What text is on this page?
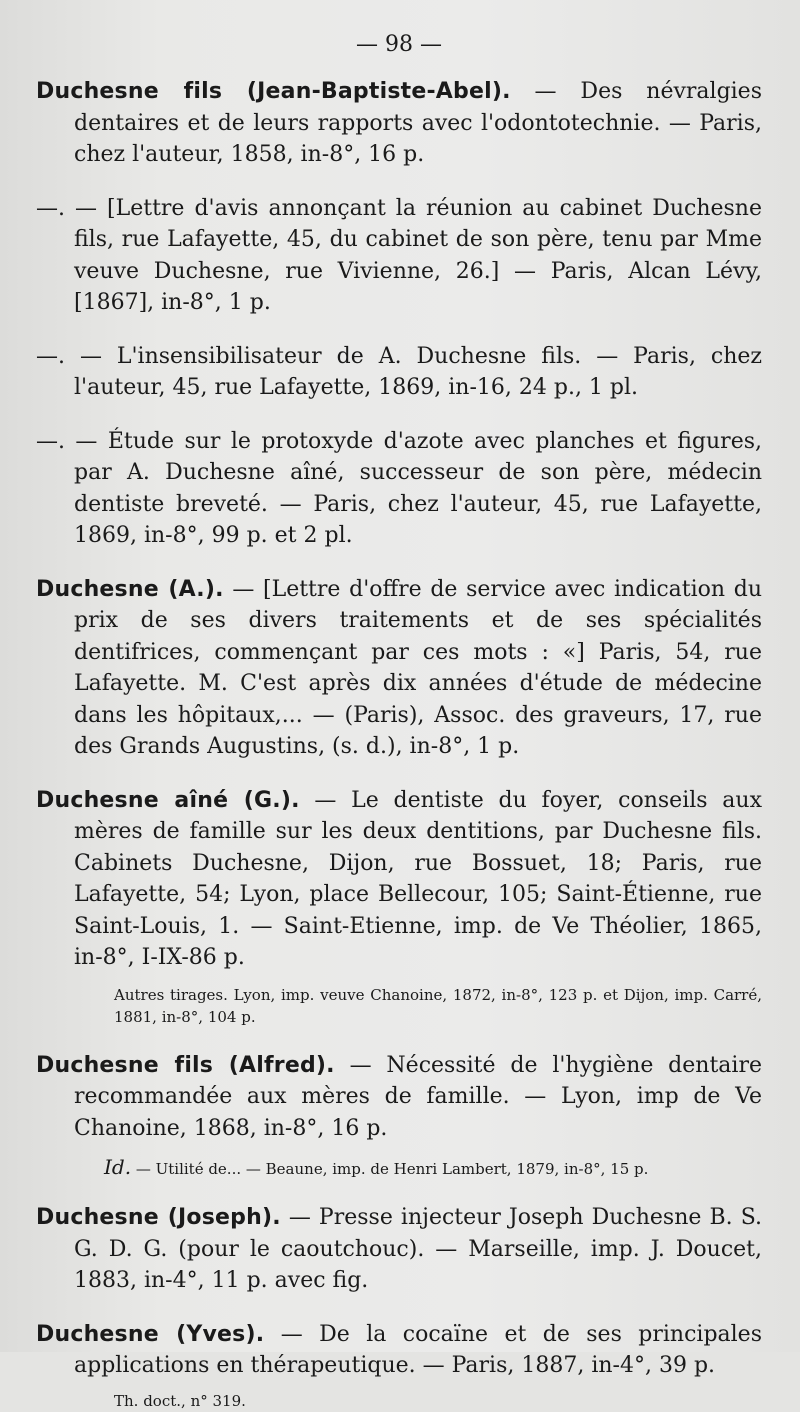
— 98 —

Duchesne fils (Jean-Baptiste-Abel). — Des névralgies dentaires et de leurs rapports avec l'odontotechnie. — Paris, chez l'auteur, 1858, in-8°, 16 p.

—. — [Lettre d'avis annonçant la réunion au cabinet Duchesne fils, rue Lafayette, 45, du cabinet de son père, tenu par Mme veuve Duchesne, rue Vivienne, 26.] — Paris, Alcan Lévy,[1867], in-8°, 1 p.

—. — L'insensibilisateur de A. Duchesne fils. — Paris, chez l'auteur, 45, rue Lafayette, 1869, in-16, 24 p., 1 pl.

—. — Étude sur le protoxyde d'azote avec planches et figures, par A. Duchesne aîné, successeur de son père, médecin dentiste breveté. — Paris, chez l'auteur, 45, rue Lafayette, 1869, in-8°, 99 p. et 2 pl.

Duchesne (A.). — [Lettre d'offre de service avec indication du prix de ses divers traitements et de ses spécialités dentifrices, commençant par ces mots : «] Paris, 54, rue Lafayette. M. C'est après dix années d'étude de médecine dans les hôpitaux,... — (Paris), Assoc. des graveurs, 17, rue des Grands Augustins, (s. d.), in-8°, 1 p.

Duchesne aîné (G.). — Le dentiste du foyer, conseils aux mères de famille sur les deux dentitions, par Duchesne fils. Cabinets Duchesne, Dijon, rue Bossuet, 18; Paris, rue Lafayette, 54; Lyon, place Bellecour, 105; Saint-Étienne, rue Saint-Louis, 1. — Saint-Etienne, imp. de Ve Théolier, 1865, in-8°, I-IX-86 p.

Autres tirages. Lyon, imp. veuve Chanoine, 1872, in-8°, 123 p. et Dijon, imp. Carré, 1881, in-8°, 104 p.

Duchesne fils (Alfred). — Nécessité de l'hygiène dentaire recommandée aux mères de famille. — Lyon, imp de Ve Chanoine, 1868, in-8°, 16 p.

Id. — Utilité de... — Beaune, imp. de Henri Lambert, 1879, in-8°, 15 p.

Duchesne (Joseph). — Presse injecteur Joseph Duchesne B. S. G. D. G. (pour le caoutchouc). — Marseille, imp. J. Doucet, 1883, in-4°, 11 p. avec fig.

Duchesne (Yves). — De la cocaïne et de ses principales applications en thérapeutique. — Paris, 1887, in-4°, 39 p.

Th. doct., n° 319.
